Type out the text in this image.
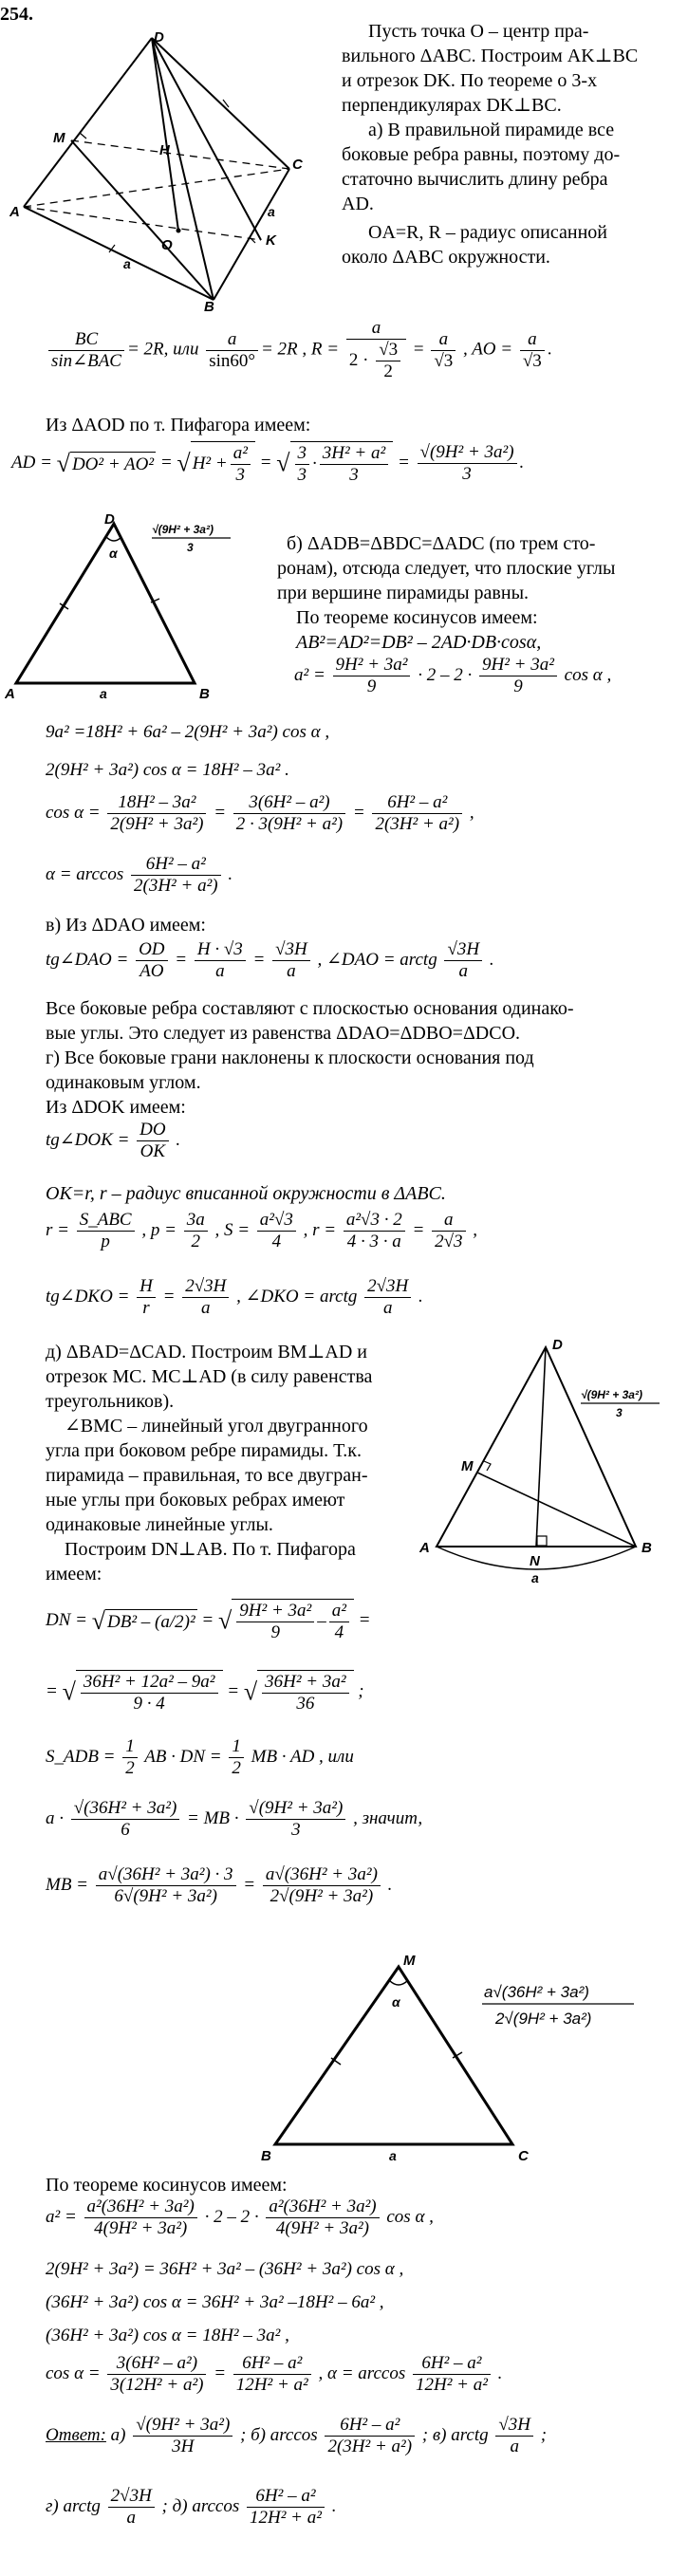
254.
D
M
H
C
A
O	K
B
a
a
Пусть точка O – центр пра-
вильного ΔABC. Построим AK⊥BC
и отрезок DK. По теореме о 3-х
перпендикулярах DK⊥BC.
а) В правильной пирамиде все
боковые ребра равны, поэтому до-
статочно вычислить длину ребра
AD.
OA=R, R – радиус описанной
около ΔABC окружности.
BC
sin∠BAC
= 2R, или $\frac{a}{\sin 60^\circ} = 2R$ , $R = \frac{a}{2 \cdot \frac{√3}{2}} = \frac{a}{√3}$ , AO = $\frac{a}{√3}$ .
Из ΔAOD по т. Пифагора имеем:
AD = √ DO² + AO² = √ $H^2 + \frac{\text{a²}}{3}$ = √ $\frac{3}{3} \cdot \frac{\text{3H² + a²}}{3} = \frac{\text{√(9H² + 3a²)}}{3}$ .
D
α
A	a	B
√(9H² + 3a²)
3	б) ΔADB=ΔBDC=ΔADC (по трем сто-
ронам), отсюда следует, что плоские углы
при вершине пирамиды равны.
По теореме косинусов имеем:
AB²=AD²=DB² – 2AD·DB·cosα,
$a^2 = \frac{\text{9H² + 3a²}}{9} \cdot 2 - 2 \cdot \frac{\text{9H² + 3a²}}{9}$ cos α ,
9a² =18H² + 6a² – 2(9H² + 3a²) cos α ,
2(9H² + 3a²) cos α = 18H² – 3a² .
$\cos \alpha = \frac{\text{18H² – 3a²}}{\text{2(9H² + 3a²)}} = \frac{\text{3(6H² – a²)}}{\text{2 · 3(9H² + a²)}} = \frac{\text{6H² – a²}}{\text{2(3H² + a²)}}$ ,
$\alpha = \arccos \frac{\text{6H² – a²}}{\text{2(3H² + a²)}}$ .
в) Из ΔDAO имеем:
tg∠DAO = $\frac{OD}{AO} = \frac{H \cdot √3}{a} = \frac{√3H}{a}$ , ∠DAO = arctg $\frac{√3H}{a}$ .
Все боковые ребра составляют с плоскостью основания одинако-
вые углы. Это следует из равенства ΔDAO=ΔDBO=ΔDCO.
г) Все боковые грани наклонены к плоскости основания под
одинаковым углом.
Из ΔDOK имеем:
tg∠DOK = $\frac{DO}{OK}$ .
OK=r, r – радиус вписанной окружности в ΔABC.
r =
S_ABC
p
, $p = \frac{3a}{2}$ , $S = \frac{\text{a²√3}}{4}$ , $r = \frac{\text{a²√3 · 2}}{4 \cdot 3 \cdot a} = \frac{a}{2√3}$ ,
tg∠DKO = $\frac{H}{r} = \frac{2√3H}{a}$ , ∠DKO = arctg $\frac{2√3H}{a}$ .
д) ΔBAD=ΔCAD. Построим BM⊥AD и
отрезок MC. MC⊥AD (в силу равенства
треугольников).
∠BMC – линейный угол двугранного
угла при боковом ребре пирамиды. Т.к.
пирамида – правильная, то все двугран-
ные углы при боковых ребрах имеют
одинаковые линейные углы.
Построим DN⊥AB. По т. Пифагора
имеем:
D
M
A
N
B
a
√(9H² + 3a²)
3
DN = √ DB² – (a/2)² = √ $\frac{\text{9H² + 3a²}}{9} - \frac{\text{a²}}{4}$ =
= √ $\frac{\text{36H² + 12a² – 9a²}}{9 \cdot 4}$ = √ $\frac{\text{36H² + 3a²}}{36}$ ;
S_ADB = $\frac{1}{2}$ AB · DN = $\frac{1}{2}$ MB · AD , или
$a \cdot \frac{\text{√(36H² + 3a²)}}{6}$ = MB · $\frac{\text{√(9H² + 3a²)}}{3}$ , значит,
MB = $\frac{\text{a√(36H² + 3a²) · 3}}{\text{6√(9H² + 3a²)}} = \frac{\text{a√(36H² + 3a²)}}{\text{2√(9H² + 3a²)}}$ .
M
α
B	a	C
a√(36H² + 3a²)
2√(9H² + 3a²)
По теореме косинусов имеем:
$a^2 = \frac{\text{a²(36H² + 3a²)}}{\text{4(9H² + 3a²)}} \cdot 2 - 2 \cdot \frac{\text{a²(36H² + 3a²)}}{\text{4(9H² + 3a²)}}$ cos α ,
2(9H² + 3a²) = 36H² + 3a² – (36H² + 3a²) cos α ,
(36H² + 3a²) cos α = 36H² + 3a² –18H² – 6a² ,
(36H² + 3a²) cos α = 18H² – 3a² ,
$\cos \alpha = \frac{\text{3(6H² – a²)}}{\text{3(12H² + a²)}} = \frac{\text{6H² – a²}}{\text{12H² + a²}}$ , $\alpha = \arccos \frac{\text{6H² – a²}}{\text{12H² + a²}}$ .
Ответ: $а) \frac{\text{√(9H² + 3a²)}}{3H}$ ; б) $\arccos \frac{\text{6H² – a²}}{\text{2(3H² + a²)}}$ ; в) arctg $\frac{√3H}{a}$ ;
г) arctg $\frac{2√3H}{a}$ ; д) $\arccos \frac{\text{6H² – a²}}{\text{12H² + a²}}$ .
